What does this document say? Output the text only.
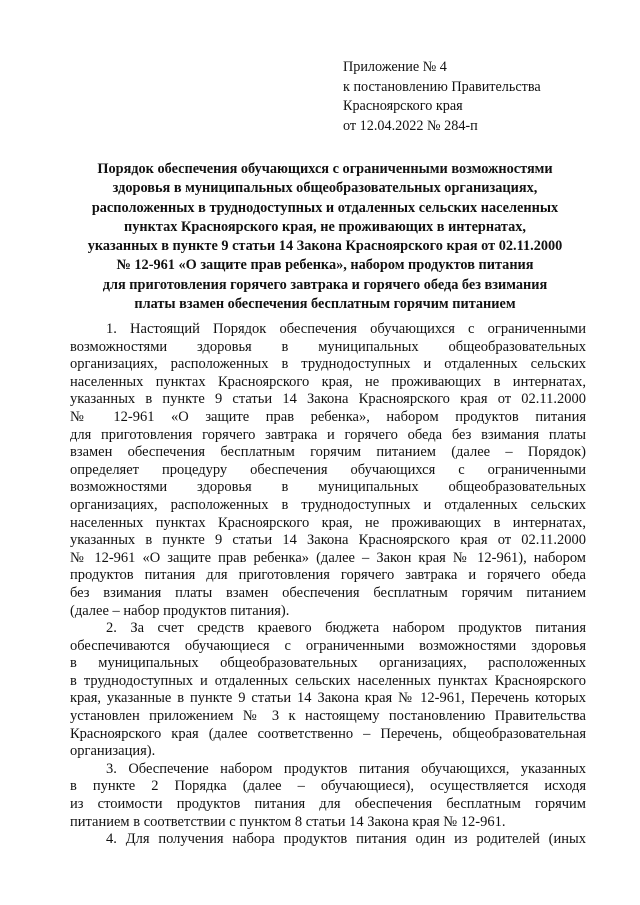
Приложение № 4
к постановлению Правительства
Красноярского края
от 12.04.2022 № 284-п
Порядок обеспечения обучающихся с ограниченными возможностями
здоровья в муниципальных общеобразовательных организациях,
расположенных в труднодоступных и отдаленных сельских населенных
пунктах Красноярского края, не проживающих в интернатах,
указанных в пункте 9 статьи 14 Закона Красноярского края от 02.11.2000
№ 12-961 «О защите прав ребенка», набором продуктов питания
для приготовления горячего завтрака и горячего обеда без взимания
платы взамен обеспечения бесплатным горячим питанием
1. Настоящий Порядок обеспечения обучающихся с ограниченными
возможностями здоровья в муниципальных общеобразовательных
организациях, расположенных в труднодоступных и отдаленных сельских
населенных пунктах Красноярского края, не проживающих в интернатах,
указанных в пункте 9 статьи 14 Закона Красноярского края от 02.11.2000
№ 12-961 «О защите прав ребенка», набором продуктов питания
для приготовления горячего завтрака и горячего обеда без взимания платы
взамен обеспечения бесплатным горячим питанием (далее – Порядок)
определяет процедуру обеспечения обучающихся с ограниченными
возможностями здоровья в муниципальных общеобразовательных
организациях, расположенных в труднодоступных и отдаленных сельских
населенных пунктах Красноярского края, не проживающих в интернатах,
указанных в пункте 9 статьи 14 Закона Красноярского края от 02.11.2000
№ 12-961 «О защите прав ребенка» (далее – Закон края № 12-961), набором
продуктов питания для приготовления горячего завтрака и горячего обеда
без взимания платы взамен обеспечения бесплатным горячим питанием
(далее – набор продуктов питания).
2. За счет средств краевого бюджета набором продуктов питания
обеспечиваются обучающиеся с ограниченными возможностями здоровья
в муниципальных общеобразовательных организациях, расположенных
в труднодоступных и отдаленных сельских населенных пунктах Красноярского
края, указанные в пункте 9 статьи 14 Закона края № 12-961, Перечень которых
установлен приложением № 3 к настоящему постановлению Правительства
Красноярского края (далее соответственно – Перечень, общеобразовательная
организация).
3. Обеспечение набором продуктов питания обучающихся, указанных
в пункте 2 Порядка (далее – обучающиеся), осуществляется исходя
из стоимости продуктов питания для обеспечения бесплатным горячим
питанием в соответствии с пунктом 8 статьи 14 Закона края № 12-961.
4. Для получения набора продуктов питания один из родителей (иных
